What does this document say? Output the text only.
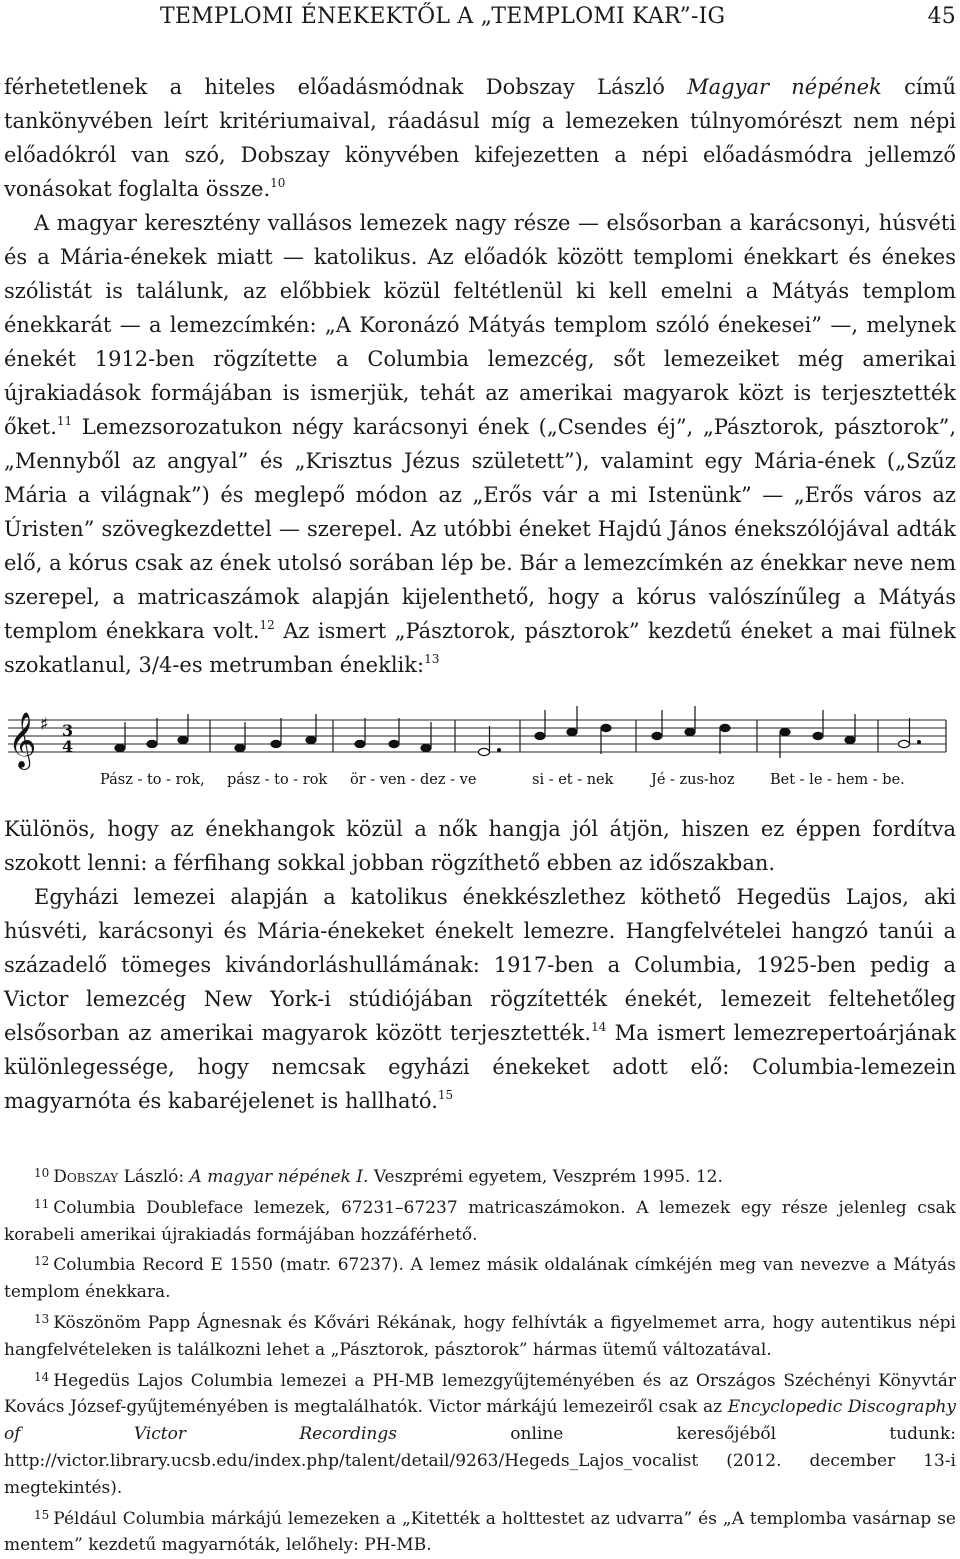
TEMPLOMI ÉNEKEKTŐL A „TEMPLOMI KAR”-IG	45

férhetetlenek a hiteles előadásmódnak Dobszay László Magyar népének című tankönyvében leírt kritériumaival, ráadásul míg a lemezeken túlnyomórészt nem népi előadókról van szó, Dobszay könyvében kifejezetten a népi előadásmódra jellemző vonásokat foglalta össze.$^{10}$

A magyar keresztény vallásos lemezek nagy része — elsősorban a karácsonyi, húsvéti és a Mária-énekek miatt — katolikus. Az előadók között templomi énekkart és énekes szólistát is találunk, az előbbiek közül feltétlenül ki kell emelni a Mátyás templom énekkarát — a lemezcímkén: „A Koronázó Mátyás templom szóló énekesei” —, melynek énekét 1912-ben rögzítette a Columbia lemezcég, sőt lemezeiket még amerikai újrakiadások formájában is ismerjük, tehát az amerikai magyarok közt is terjesztették őket.$^{11}$ Lemezsorozatukon négy karácsonyi ének („Csendes éj”, „Pásztorok, pásztorok”, „Mennyből az angyal” és „Krisztus Jézus született”), valamint egy Mária-ének („Szűz Mária a világnak”) és meglepő módon az „Erős vár a mi Istenünk” — „Erős város az Úristen” szövegkezdettel — szerepel. Az utóbbi éneket Hajdú János énekszólójával adták elő, a kórus csak az ének utolsó sorában lép be. Bár a lemezcímkén az énekkar neve nem szerepel, a matricaszámok alapján kijelenthető, hogy a kórus valószínűleg a Mátyás templom énekkara volt.$^{12}$ Az ismert „Pásztorok, pásztorok” kezdetű éneket a mai fülnek szokatlanul, 3/4-es metrumban éneklik:$^{13}$

𝄞 ♯ 3
4
Pász - to - rok, pász - to - rok ör - ven - dez - ve	si - et - nek	Jé - zus-hoz Bet - le - hem - be.

Különös, hogy az énekhangok közül a nők hangja jól átjön, hiszen ez éppen fordítva szokott lenni: a férfihang sokkal jobban rögzíthető ebben az időszakban.

Egyházi lemezei alapján a katolikus énekkészlethez köthető Hegedüs Lajos, aki húsvéti, karácsonyi és Mária-énekeket énekelt lemezre. Hangfelvételei hangzó tanúi a századelő tömeges kivándorláshullámának: 1917-ben a Columbia, 1925-ben pedig a Victor lemezcég New York-i stúdiójában rögzítették énekét, lemezeit feltehetőleg elsősorban az amerikai magyarok között terjesztették.$^{14}$ Ma ismert lemezrepertoárjának különlegessége, hogy nemcsak egyházi énekeket adott elő: Columbia-lemezein magyarnóta és kabaréjelenet is hallható.$^{15}$

$^{10}$ Dobszay László: A magyar népének I. Veszprémi egyetem, Veszprém 1995. 12.

$^{11}$ Columbia Doubleface lemezek, 67231–67237 matricaszámokon. A lemezek egy része jelenleg csak korabeli amerikai újrakiadás formájában hozzáférhető.

$^{12}$ Columbia Record E 1550 (matr. 67237). A lemez másik oldalának címkéjén meg van nevezve a Mátyás templom énekkara.

$^{13}$ Köszönöm Papp Ágnesnak és Kővári Rékának, hogy felhívták a figyelmemet arra, hogy autentikus népi hangfelvételeken is találkozni lehet a „Pásztorok, pásztorok” hármas ütemű változatával.

$^{14}$ Hegedüs Lajos Columbia lemezei a PH-MB lemezgyűjteményében és az Országos Széchényi Könyvtár Kovács József-gyűjteményében is megtalálhatók. Victor márkájú lemezeiről csak az Encyclopedic Discography of Victor Recordings online keresőjéből tudunk: http://victor.library.ucsb.edu/index.php/talent/detail/9263/Hegeds_Lajos_vocalist (2012. december 13-i megtekintés).

$^{15}$ Például Columbia márkájú lemezeken a „Kitették a holttestet az udvarra” és „A templomba vasárnap se mentem” kezdetű magyarnóták, lelőhely: PH-MB.
